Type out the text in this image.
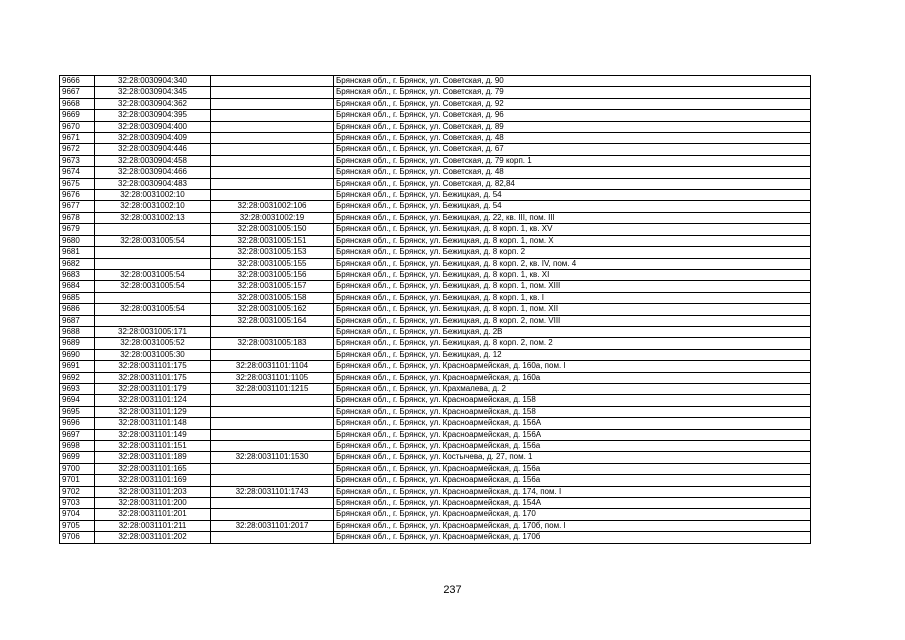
9666	32:28:0030904:340		Брянская обл., г. Брянск, ул. Советская, д. 90
9667	32:28:0030904:345		Брянская обл., г. Брянск, ул. Советская, д. 79
9668	32:28:0030904:362		Брянская обл., г. Брянск, ул. Советская, д. 92
9669	32:28:0030904:395		Брянская обл., г. Брянск, ул. Советская, д. 96
9670	32:28:0030904:400		Брянская обл., г. Брянск, ул. Советская, д. 89
9671	32:28:0030904:409		Брянская обл., г. Брянск, ул. Советская, д. 48
9672	32:28:0030904:446		Брянская обл., г. Брянск, ул. Советская, д. 67
9673	32:28:0030904:458		Брянская обл., г. Брянск, ул. Советская, д. 79 корп. 1
9674	32:28:0030904:466		Брянская обл., г. Брянск, ул. Советская, д. 48
9675	32:28:0030904:483		Брянская обл., г. Брянск, ул. Советская, д. 82,84
9676	32:28:0031002:10		Брянская обл., г. Брянск, ул. Бежицкая, д. 54
9677	32:28:0031002:10	32:28:0031002:106	Брянская обл., г. Брянск, ул. Бежицкая, д. 54
9678	32:28:0031002:13	32:28:0031002:19	Брянская обл., г. Брянск, ул. Бежицкая, д. 22, кв. III, пом. III
9679		32:28:0031005:150	Брянская обл., г. Брянск, ул. Бежицкая, д. 8 корп. 1, кв. XV
9680	32:28:0031005:54	32:28:0031005:151	Брянская обл., г. Брянск, ул. Бежицкая, д. 8 корп. 1, пом. X
9681		32:28:0031005:153	Брянская обл., г. Брянск, ул. Бежицкая, д. 8 корп. 2
9682		32:28:0031005:155	Брянская обл., г. Брянск, ул. Бежицкая, д. 8 корп. 2, кв. IV, пом. 4
9683	32:28:0031005:54	32:28:0031005:156	Брянская обл., г. Брянск, ул. Бежицкая, д. 8 корп. 1, кв. XI
9684	32:28:0031005:54	32:28:0031005:157	Брянская обл., г. Брянск, ул. Бежицкая, д. 8 корп. 1, пом. XIII
9685		32:28:0031005:158	Брянская обл., г. Брянск, ул. Бежицкая, д. 8 корп. 1, кв. I
9686	32:28:0031005:54	32:28:0031005:162	Брянская обл., г. Брянск, ул. Бежицкая, д. 8 корп. 1, пом. XII
9687		32:28:0031005:164	Брянская обл., г. Брянск, ул. Бежицкая, д. 8 корп. 2, пом. VIII
9688	32:28:0031005:171		Брянская обл., г. Брянск, ул. Бежицкая, д. 2В
9689	32:28:0031005:52	32:28:0031005:183	Брянская обл., г. Брянск, ул. Бежицкая, д. 8 корп. 2, пом. 2
9690	32:28:0031005:30		Брянская обл., г. Брянск, ул. Бежицкая, д. 12
9691	32:28:0031101:175	32:28:0031101:1104	Брянская обл., г. Брянск, ул. Красноармейская, д. 160а, пом. I
9692	32:28:0031101:175	32:28:0031101:1105	Брянская обл., г. Брянск, ул. Красноармейская, д. 160а
9693	32:28:0031101:179	32:28:0031101:1215	Брянская обл., г. Брянск, ул. Крахмалева, д. 2
9694	32:28:0031101:124		Брянская обл., г. Брянск, ул. Красноармейская, д. 158
9695	32:28:0031101:129		Брянская обл., г. Брянск, ул. Красноармейская, д. 158
9696	32:28:0031101:148		Брянская обл., г. Брянск, ул. Красноармейская, д. 156А
9697	32:28:0031101:149		Брянская обл., г. Брянск, ул. Красноармейская, д. 156А
9698	32:28:0031101:151		Брянская обл., г. Брянск, ул. Красноармейская, д. 156а
9699	32:28:0031101:189	32:28:0031101:1530	Брянская обл., г. Брянск, ул. Костычева, д. 27, пом. 1
9700	32:28:0031101:165		Брянская обл., г. Брянск, ул. Красноармейская, д. 156а
9701	32:28:0031101:169		Брянская обл., г. Брянск, ул. Красноармейская, д. 156а
9702	32:28:0031101:203	32:28:0031101:1743	Брянская обл., г. Брянск, ул. Красноармейская, д. 174, пом. I
9703	32:28:0031101:200		Брянская обл., г. Брянск, ул. Красноармейская, д. 154А
9704	32:28:0031101:201		Брянская обл., г. Брянск, ул. Красноармейская, д. 170
9705	32:28:0031101:211	32:28:0031101:2017	Брянская обл., г. Брянск, ул. Красноармейская, д. 170б, пом. I
9706	32:28:0031101:202		Брянская обл., г. Брянск, ул. Красноармейская, д. 170б
237
